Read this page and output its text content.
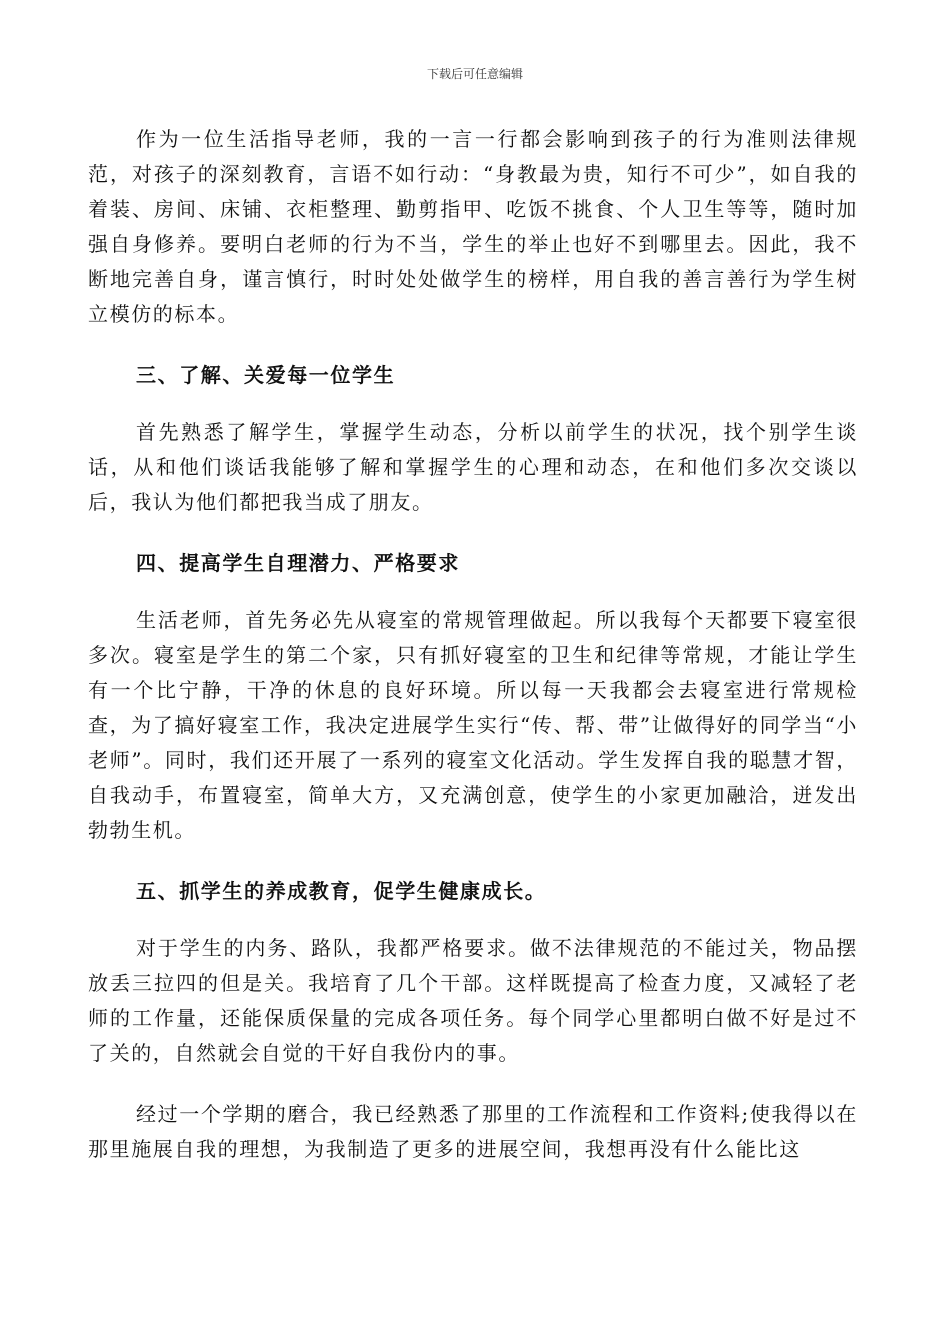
下载后可任意编辑

作为一位生活指导老师，我的一言一行都会影响到孩子的行为准则法律规范，对孩子的深刻教育，言语不如行动：“身教最为贵，知行不可少”，如自我的着装、房间、床铺、衣柜整理、勤剪指甲、吃饭不挑食、个人卫生等等，随时加强自身修养。要明白老师的行为不当，学生的举止也好不到哪里去。因此，我不断地完善自身，谨言慎行，时时处处做学生的榜样，用自我的善言善行为学生树立模仿的标本。

三、了解、关爱每一位学生

首先熟悉了解学生，掌握学生动态，分析以前学生的状况，找个别学生谈话，从和他们谈话我能够了解和掌握学生的心理和动态，在和他们多次交谈以后，我认为他们都把我当成了朋友。

四、提高学生自理潜力、严格要求

生活老师，首先务必先从寝室的常规管理做起。所以我每个天都要下寝室很多次。寝室是学生的第二个家，只有抓好寝室的卫生和纪律等常规，才能让学生有一个比宁静，干净的休息的良好环境。所以每一天我都会去寝室进行常规检查，为了搞好寝室工作，我决定进展学生实行“传、帮、带”让做得好的同学当“小老师”。同时，我们还开展了一系列的寝室文化活动。学生发挥自我的聪慧才智，自我动手，布置寝室，简单大方，又充满创意，使学生的小家更加融洽，迸发出勃勃生机。

五、抓学生的养成教育，促学生健康成长。

对于学生的内务、路队，我都严格要求。做不法律规范的不能过关，物品摆放丢三拉四的但是关。我培育了几个干部。这样既提高了检查力度，又减轻了老师的工作量，还能保质保量的完成各项任务。每个同学心里都明白做不好是过不了关的，自然就会自觉的干好自我份内的事。

经过一个学期的磨合，我已经熟悉了那里的工作流程和工作资料;使我得以在那里施展自我的理想，为我制造了更多的进展空间，我想再没有什么能比这
